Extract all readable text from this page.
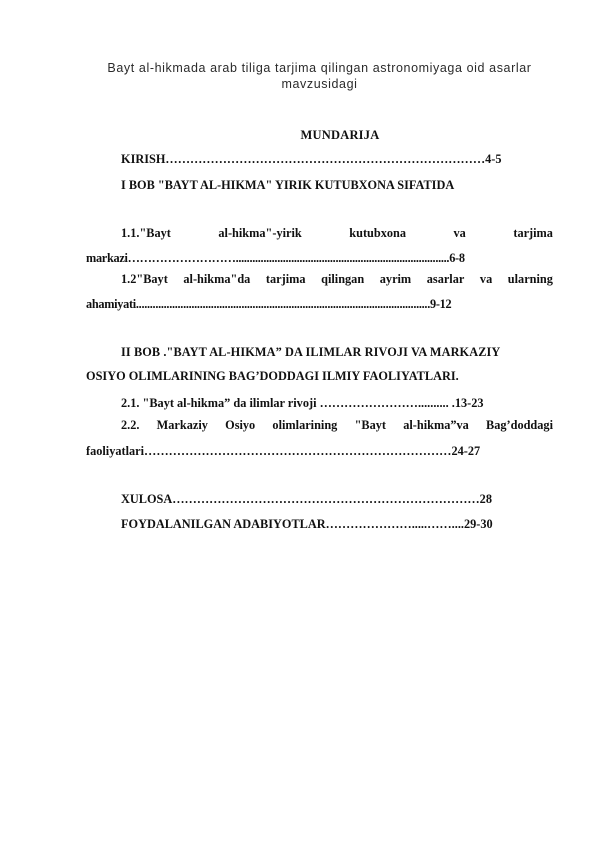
Bayt al-hikmada arab tiliga tarjima qilingan astronomiyaga oid asarlar
mavzusidagi
MUNDARIJA
KIRISH……………………………………………………………………4-5
I BOB "BAYT AL-HIKMA" YIRIK KUTUBXONA SIFATIDA
1.1."Bayt	al-hikma"-yirik	kutubxona	va	tarjima
markazi……………………….............................................................................6-8
1.2"Bayt al-hikma"da tarjima qilingan ayrim asarlar va ularning
ahamiyati..........................................................................................................9-12
II BOB ."BAYT AL-HIKMA” DA ILIMLAR RIVOJI VA MARKAZIY
OSIYO OLIMLARINING BAG’DODDAGI ILMIY FAOLIYATLARI.
2.1. "Bayt al-hikma” da ilimlar rivoji …………………….......... .13-23
2.2. Markaziy Osiyo olimlarining "Bayt al-hikma”va Bag’doddagi
faoliyatlari…………………………………………………………………24-27
XULOSA…………………………………………………………………28
FOYDALANILGAN ADABIYOTLAR………………….....……....29-30
